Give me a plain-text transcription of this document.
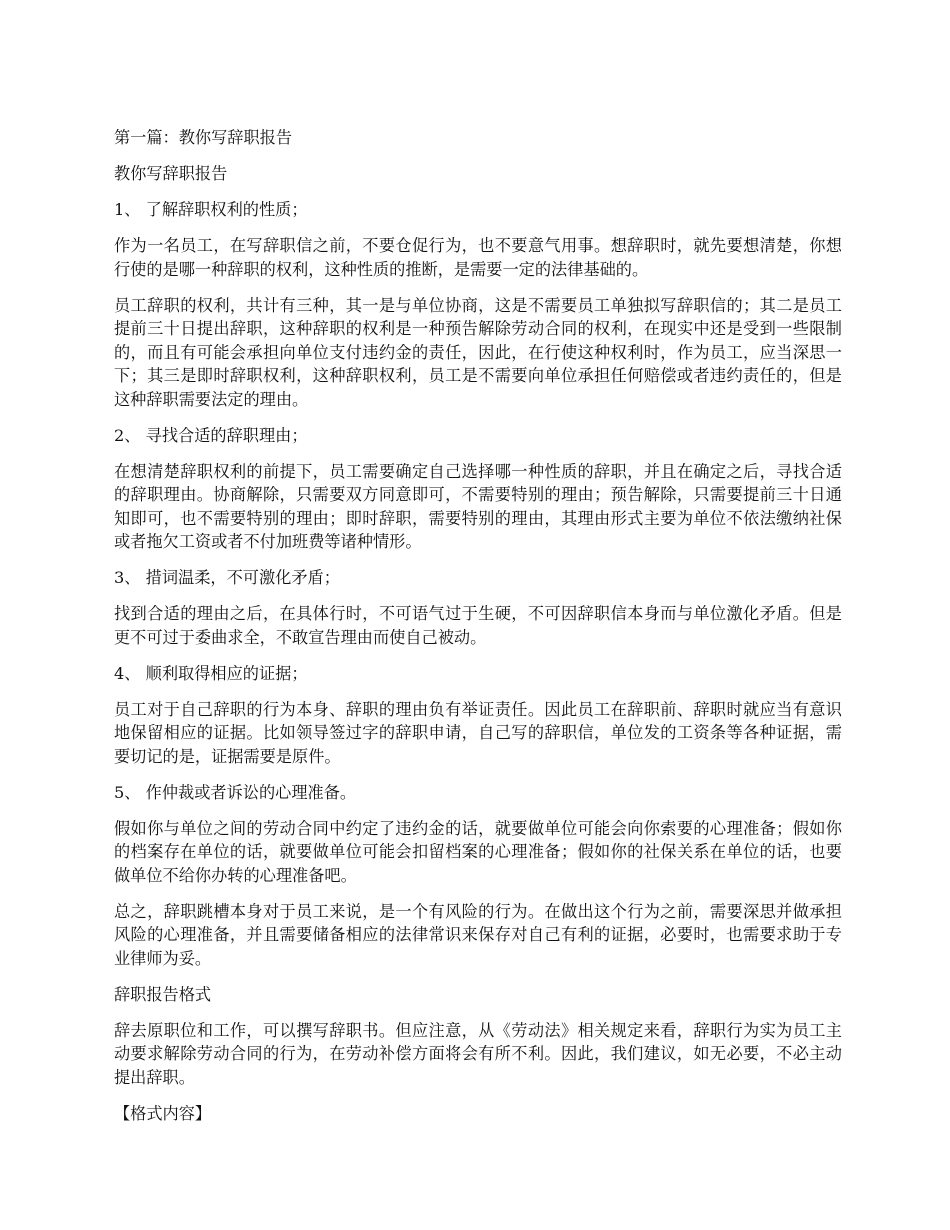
第一篇：教你写辞职报告

教你写辞职报告

1、 了解辞职权利的性质；

作为一名员工，在写辞职信之前，不要仓促行为，也不要意气用事。想辞职时，就先要想清楚，你想行使的是哪一种辞职的权利，这种性质的推断，是需要一定的法律基础的。

员工辞职的权利，共计有三种，其一是与单位协商，这是不需要员工单独拟写辞职信的；其二是员工提前三十日提出辞职，这种辞职的权利是一种预告解除劳动合同的权利，在现实中还是受到一些限制的，而且有可能会承担向单位支付违约金的责任，因此，在行使这种权利时，作为员工，应当深思一下；其三是即时辞职权利，这种辞职权利，员工是不需要向单位承担任何赔偿或者违约责任的，但是这种辞职需要法定的理由。

2、 寻找合适的辞职理由；

在想清楚辞职权利的前提下，员工需要确定自己选择哪一种性质的辞职，并且在确定之后，寻找合适的辞职理由。协商解除，只需要双方同意即可，不需要特别的理由；预告解除，只需要提前三十日通知即可，也不需要特别的理由；即时辞职，需要特别的理由，其理由形式主要为单位不依法缴纳社保或者拖欠工资或者不付加班费等诸种情形。

3、 措词温柔，不可激化矛盾；

找到合适的理由之后，在具体行时，不可语气过于生硬，不可因辞职信本身而与单位激化矛盾。但是更不可过于委曲求全，不敢宣告理由而使自己被动。

4、 顺利取得相应的证据；

员工对于自己辞职的行为本身、辞职的理由负有举证责任。因此员工在辞职前、辞职时就应当有意识地保留相应的证据。比如领导签过字的辞职申请，自己写的辞职信，单位发的工资条等各种证据，需要切记的是，证据需要是原件。

5、 作仲裁或者诉讼的心理准备。

假如你与单位之间的劳动合同中约定了违约金的话，就要做单位可能会向你索要的心理准备；假如你的档案存在单位的话，就要做单位可能会扣留档案的心理准备；假如你的社保关系在单位的话，也要做单位不给你办转的心理准备吧。

总之，辞职跳槽本身对于员工来说，是一个有风险的行为。在做出这个行为之前，需要深思并做承担风险的心理准备，并且需要储备相应的法律常识来保存对自己有利的证据，必要时，也需要求助于专业律师为妥。

辞职报告格式

辞去原职位和工作，可以撰写辞职书。但应注意，从《劳动法》相关规定来看，辞职行为实为员工主动要求解除劳动合同的行为，在劳动补偿方面将会有所不利。因此，我们建议，如无必要，不必主动提出辞职。

【格式内容】
